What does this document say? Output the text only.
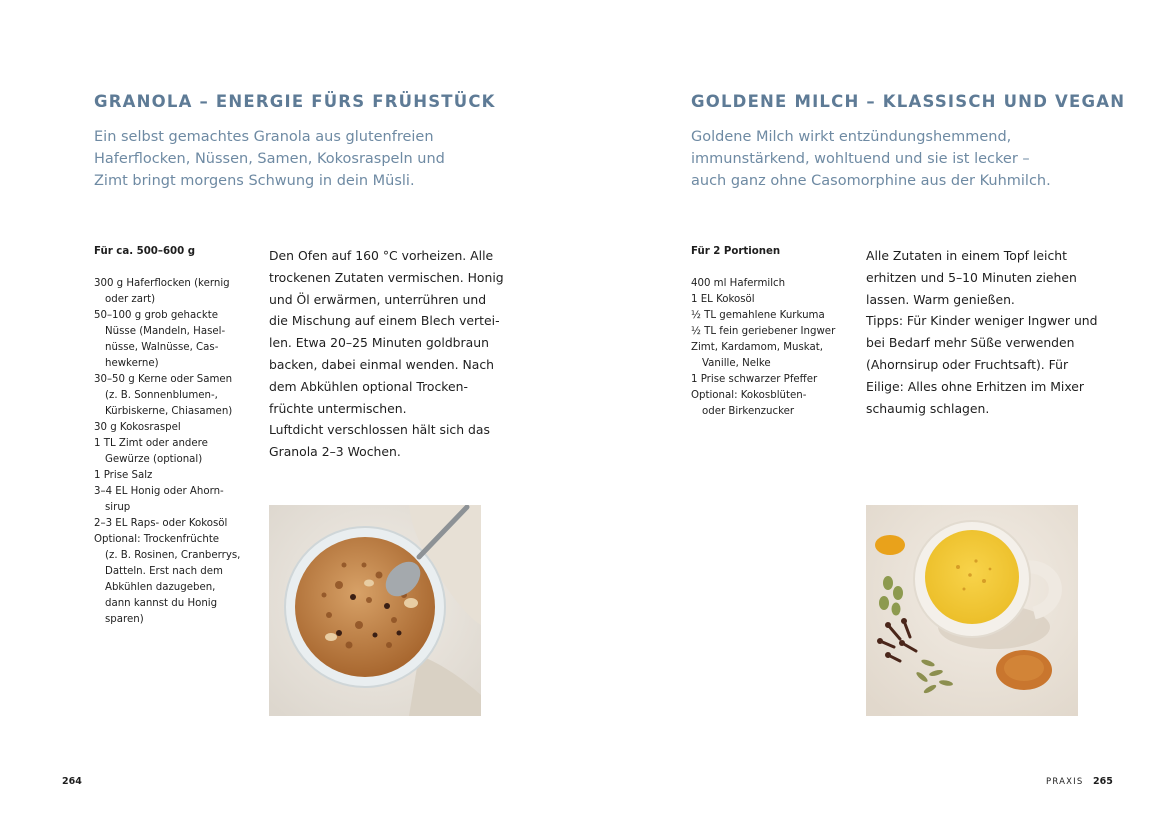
GRANOLA – ENERGIE FÜRS FRÜHSTÜCK

Ein selbst gemachtes Granola aus glutenfreien
Haferflocken, Nüssen, Samen, Kokosraspeln und
Zimt bringt morgens Schwung in dein Müsli.

Für ca. 500–600 g
300 g Haferflocken (kernig
oder zart)
50–100 g grob gehackte
Nüsse (Mandeln, Hasel-
nüsse, Walnüsse, Cas-
hewkerne)
30–50 g Kerne oder Samen
(z. B. Sonnenblumen-,
Kürbiskerne, Chiasamen)
30 g Kokosraspel
1 TL Zimt oder andere
Gewürze (optional)
1 Prise Salz
3–4 EL Honig oder Ahorn-
sirup
2–3 EL Raps- oder Kokosöl
Optional: Trockenfrüchte
(z. B. Rosinen, Cranberrys,
Datteln. Erst nach dem
Abkühlen dazugeben,
dann kannst du Honig
sparen)

Den Ofen auf 160 °C vorheizen. Alle
trockenen Zutaten vermischen. Honig
und Öl erwärmen, unterrühren und
die Mischung auf einem Blech vertei-
len. Etwa 20–25 Minuten goldbraun
backen, dabei einmal wenden. Nach
dem Abkühlen optional Trocken-
früchte untermischen.
Luftdicht verschlossen hält sich das
Granola 2–3 Wochen.

264
GOLDENE MILCH – KLASSISCH UND VEGAN

Goldene Milch wirkt entzündungshemmend,
immunstärkend, wohltuend und sie ist lecker –
auch ganz ohne Casomorphine aus der Kuhmilch.

Für 2 Portionen
400 ml Hafermilch
1 EL Kokosöl
½ TL gemahlene Kurkuma
½ TL fein geriebener Ingwer
Zimt, Kardamom, Muskat,
Vanille, Nelke
1 Prise schwarzer Pfeffer
Optional: Kokosblüten-
oder Birkenzucker

Alle Zutaten in einem Topf leicht
erhitzen und 5–10 Minuten ziehen
lassen. Warm genießen.
Tipps: Für Kinder weniger Ingwer und
bei Bedarf mehr Süße verwenden
(Ahornsirup oder Fruchtsaft). Für
Eilige: Alles ohne Erhitzen im Mixer
schaumig schlagen.

PRAXIS 265
